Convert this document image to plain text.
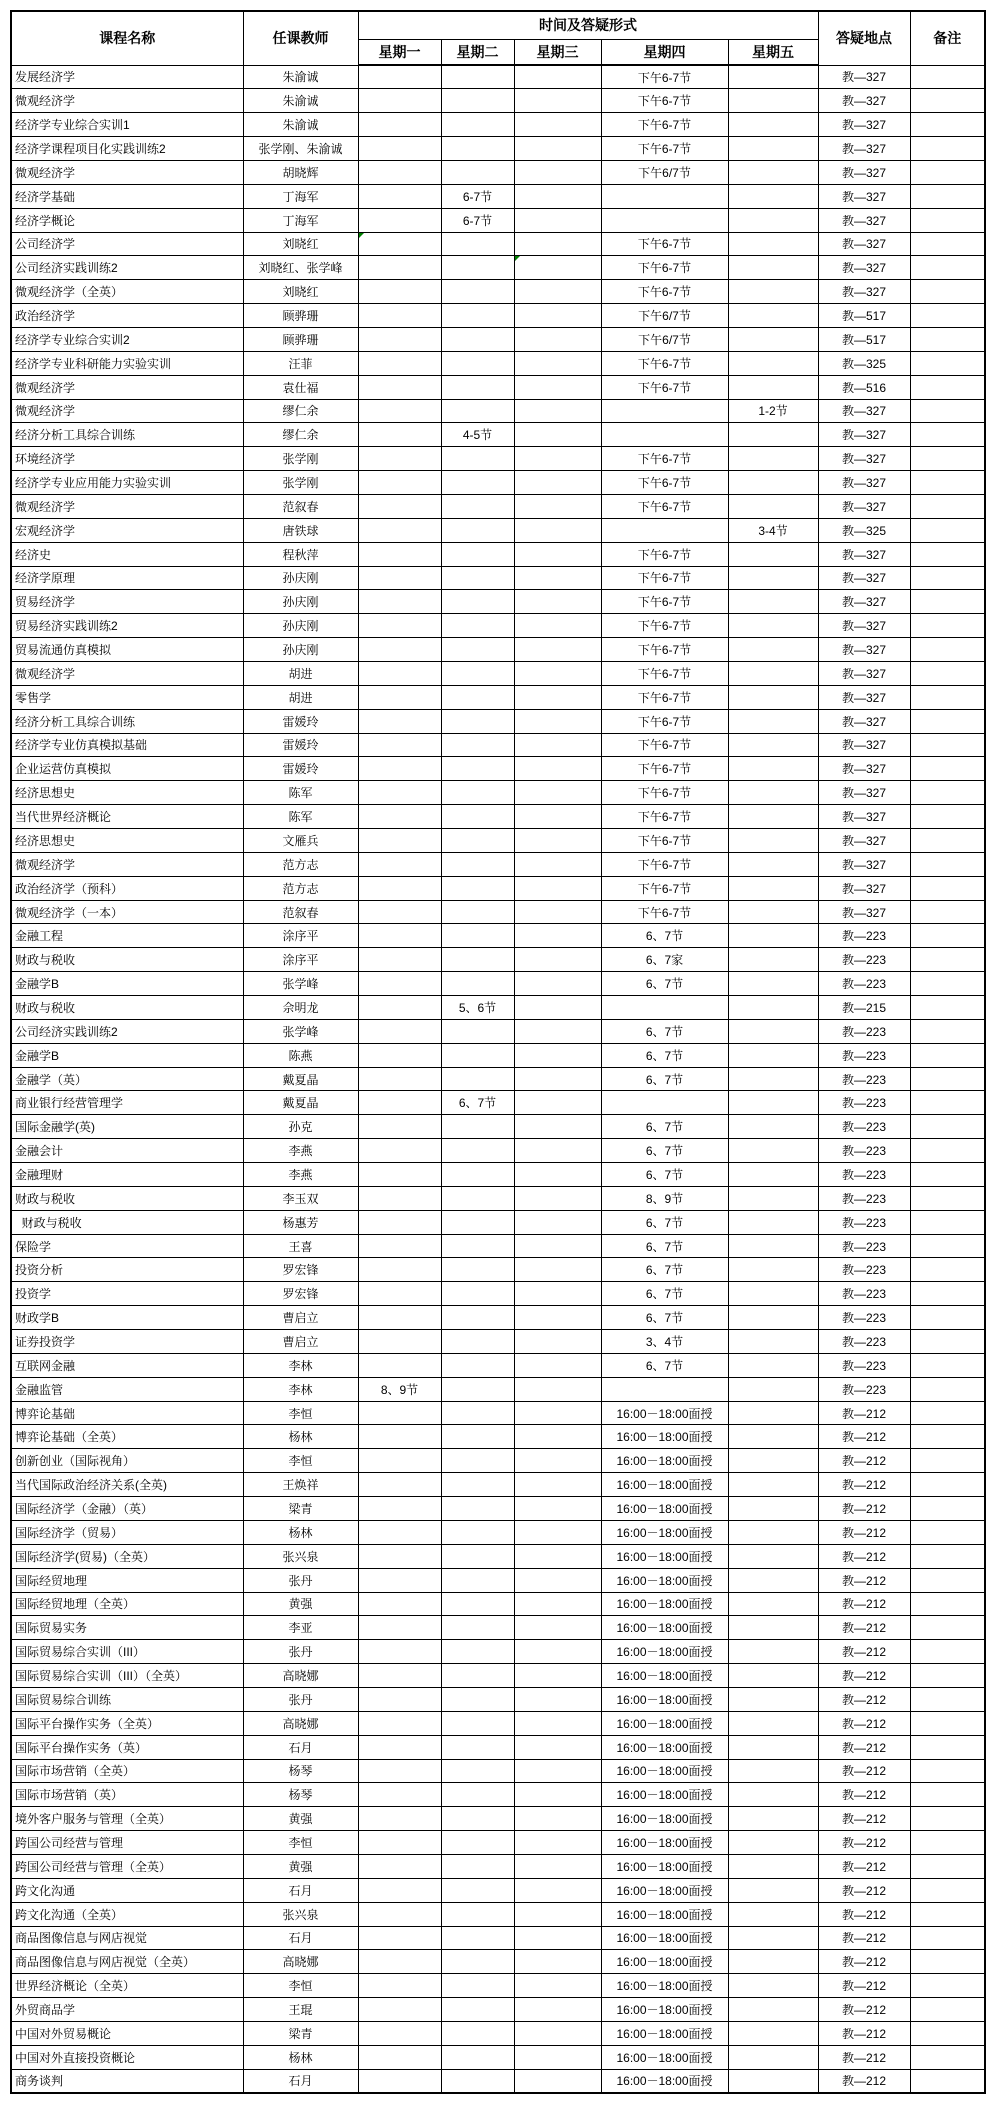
课程名称	任课教师	时间及答疑形式					答疑地点	备注
		星期一	星期二	星期三	星期四	星期五		
发展经济学	朱渝诚				下午6-7节		教—327	
微观经济学	朱渝诚				下午6-7节		教—327	
经济学专业综合实训1	朱渝诚				下午6-7节		教—327	
经济学课程项目化实践训练2	张学刚、朱渝诚				下午6-7节		教—327	
微观经济学	胡晓辉				下午6/7节		教—327	
经济学基础	丁海军		6-7节				教—327	
经济学概论	丁海军		6-7节				教—327	
公司经济学	刘晓红				下午6-7节		教—327	
公司经济实践训练2	刘晓红、张学峰				下午6-7节		教—327	
微观经济学（全英）	刘晓红				下午6-7节		教—327	
政治经济学	顾骅珊				下午6/7节		教—517	
经济学专业综合实训2	顾骅珊				下午6/7节		教—517	
经济学专业科研能力实验实训	汪菲				下午6-7节		教—325	
微观经济学	袁仕福				下午6-7节		教—516	
微观经济学	缪仁余					1-2节	教—327	
经济分析工具综合训练	缪仁余		4-5节				教—327	
环境经济学	张学刚				下午6-7节		教—327	
经济学专业应用能力实验实训	张学刚				下午6-7节		教—327	
微观经济学	范叙春				下午6-7节		教—327	
宏观经济学	唐铁球					3-4节	教—325	
经济史	程秋萍				下午6-7节		教—327	
经济学原理	孙庆刚				下午6-7节		教—327	
贸易经济学	孙庆刚				下午6-7节		教—327	
贸易经济实践训练2	孙庆刚				下午6-7节		教—327	
贸易流通仿真模拟	孙庆刚				下午6-7节		教—327	
微观经济学	胡进				下午6-7节		教—327	
零售学	胡进				下午6-7节		教—327	
经济分析工具综合训练	雷媛玲				下午6-7节		教—327	
经济学专业仿真模拟基础	雷媛玲				下午6-7节		教—327	
企业运营仿真模拟	雷媛玲				下午6-7节		教—327	
经济思想史	陈军				下午6-7节		教—327	
当代世界经济概论	陈军				下午6-7节		教—327	
经济思想史	文雁兵				下午6-7节		教—327	
微观经济学	范方志				下午6-7节		教—327	
政治经济学（预科）	范方志				下午6-7节		教—327	
微观经济学（一本）	范叙春				下午6-7节		教—327	
金融工程	涂序平				6、7节		教—223	
财政与税收	涂序平				6、7家		教—223	
金融学B	张学峰				6、7节		教—223	
财政与税收	佘明龙		5、6节				教—215	
公司经济实践训练2	张学峰				6、7节		教—223	
金融学B	陈燕				6、7节		教—223	
金融学（英）	戴夏晶				6、7节		教—223	
商业银行经营管理学	戴夏晶		6、7节				教—223	
国际金融学(英)	孙克				6、7节		教—223	
金融会计	李燕				6、7节		教—223	
金融理财	李燕				6、7节		教—223	
财政与税收	李玉双				8、9节		教—223	
财政与税收	杨惠芳				6、7节		教—223	
保险学	王喜				6、7节		教—223	
投资分析	罗宏锋				6、7节		教—223	
投资学	罗宏锋				6、7节		教—223	
财政学B	曹启立				6、7节		教—223	
证券投资学	曹启立				3、4节		教—223	
互联网金融	李林				6、7节		教—223	
金融监管	李林	8、9节					教—223	
博弈论基础	李恒				16:00－18:00面授		教—212	
博弈论基础（全英）	杨林				16:00－18:00面授		教—212	
创新创业（国际视角）	李恒				16:00－18:00面授		教—212	
当代国际政治经济关系(全英)	王焕祥				16:00－18:00面授		教—212	
国际经济学（金融）（英）	梁青				16:00－18:00面授		教—212	
国际经济学（贸易）	杨林				16:00－18:00面授		教—212	
国际经济学(贸易)（全英）	张兴泉				16:00－18:00面授		教—212	
国际经贸地理	张丹				16:00－18:00面授		教—212	
国际经贸地理（全英）	黄强				16:00－18:00面授		教—212	
国际贸易实务	李亚				16:00－18:00面授		教—212	
国际贸易综合实训（III）	张丹				16:00－18:00面授		教—212	
国际贸易综合实训（III）（全英）	高晓娜				16:00－18:00面授		教—212	
国际贸易综合训练	张丹				16:00－18:00面授		教—212	
国际平台操作实务（全英）	高晓娜				16:00－18:00面授		教—212	
国际平台操作实务（英）	石月				16:00－18:00面授		教—212	
国际市场营销（全英）	杨琴				16:00－18:00面授		教—212	
国际市场营销（英）	杨琴				16:00－18:00面授		教—212	
境外客户服务与管理（全英）	黄强				16:00－18:00面授		教—212	
跨国公司经营与管理	李恒				16:00－18:00面授		教—212	
跨国公司经营与管理（全英）	黄强				16:00－18:00面授		教—212	
跨文化沟通	石月				16:00－18:00面授		教—212	
跨文化沟通（全英）	张兴泉				16:00－18:00面授		教—212	
商品图像信息与网店视觉	石月				16:00－18:00面授		教—212	
商品图像信息与网店视觉（全英）	高晓娜				16:00－18:00面授		教—212	
世界经济概论（全英）	李恒				16:00－18:00面授		教—212	
外贸商品学	王琨				16:00－18:00面授		教—212	
中国对外贸易概论	梁青				16:00－18:00面授		教—212	
中国对外直接投资概论	杨林				16:00－18:00面授		教—212	
商务谈判	石月				16:00－18:00面授		教—212	
